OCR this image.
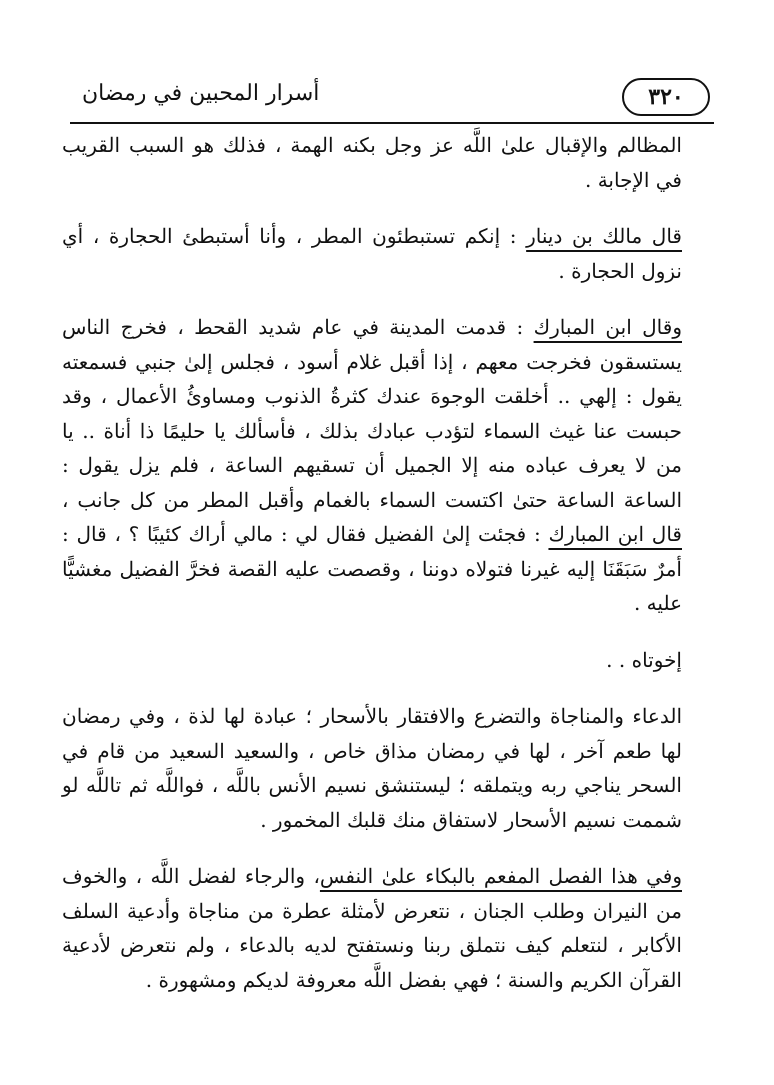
٣٢٠
أسرار المحبين في رمضان

المظالم والإقبال علىٰ اللَّه عز وجل بكنه الهمة ، فذلك هو السبب القريب في الإجابة .

قال مالك بن دينار : إنكم تستبطئون المطر ، وأنا أستبطئ الحجارة ، أي نزول الحجارة .

وقال ابن المبارك : قدمت المدينة في عام شديد القحط ، فخرج الناس يستسقون فخرجت معهم ، إذا أقبل غلام أسود ، فجلس إلىٰ جنبي فسمعته يقول : إلهي .. أخلقت الوجوهَ عندك كثرةُ الذنوب ومساوئُ الأعمال ، وقد حبست عنا غيث السماء لتؤدب عبادك بذلك ، فأسألك يا حليمًا ذا أناة .. يا من لا يعرف عباده منه إلا الجميل أن تسقيهم الساعة ، فلم يزل يقول : الساعة الساعة حتىٰ اكتست السماء بالغمام وأقبل المطر من كل جانب ، قال ابن المبارك : فجئت إلىٰ الفضيل فقال لي : مالي أراك كئيبًا ؟ ، قال : أمرٌ سَبَقَنَا إليه غيرنا فتولاه دوننا ، وقصصت عليه القصة فخرَّ الفضيل مغشيًّا عليه .

إخوتاه . .

الدعاء والمناجاة والتضرع والافتقار بالأسحار ؛ عبادة لها لذة ، وفي رمضان لها طعم آخر ، لها في رمضان مذاق خاص ، والسعيد السعيد من قام في السحر يناجي ربه ويتملقه ؛ ليستنشق نسيم الأنس باللَّه ، فواللَّه ثم تاللَّه لو شممت نسيم الأسحار لاستفاق منك قلبك المخمور .

وفي هذا الفصل المفعم بالبكاء علىٰ النفس، والرجاء لفضل اللَّه ، والخوف من النيران وطلب الجنان ، نتعرض لأمثلة عطرة من مناجاة وأدعية السلف الأكابر ، لنتعلم كيف نتملق ربنا ونستفتح لديه بالدعاء ، ولم نتعرض لأدعية القرآن الكريم والسنة ؛ فهي بفضل اللَّه معروفة لديكم ومشهورة .
